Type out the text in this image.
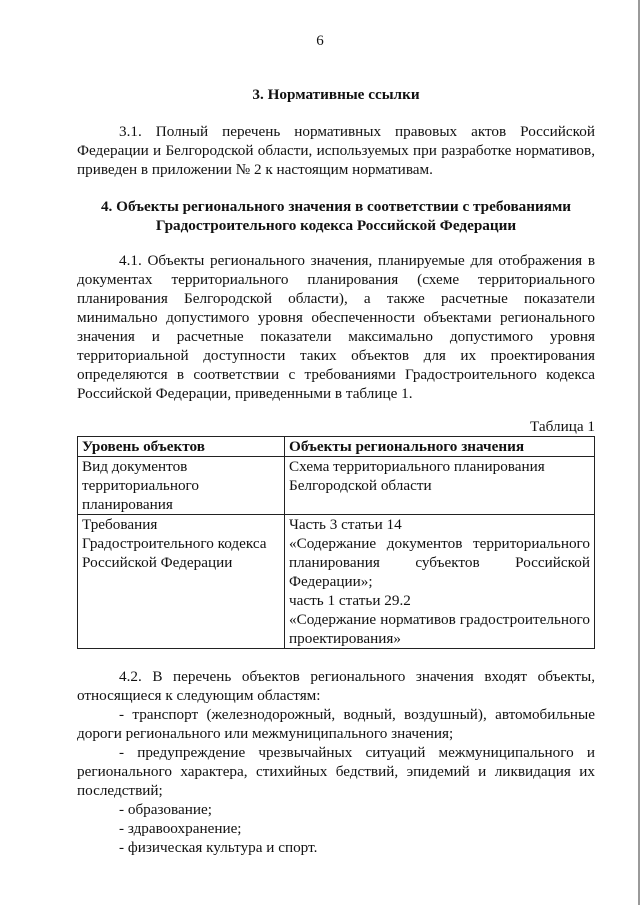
6

3. Нормативные ссылки

3.1. Полный перечень нормативных правовых актов Российской Федерации и Белгородской области, используемых при разработке нормативов, приведен в приложении № 2 к настоящим нормативам.

4. Объекты регионального значения в соответствии с требованиями Градостроительного кодекса Российской Федерации

4.1. Объекты регионального значения, планируемые для отображения в документах территориального планирования (схеме территориального планирования Белгородской области), а также расчетные показатели минимально допустимого уровня обеспеченности объектами регионального значения и расчетные показатели максимально допустимого уровня территориальной доступности таких объектов для их проектирования определяются в соответствии с требованиями Градостроительного кодекса Российской Федерации, приведенными в таблице 1.

Таблица 1

Уровень объектов	Объекты регионального значения
Вид документов территориального планирования	Схема территориального планирования Белгородской области
Требования Градостроительного кодекса Российской Федерации	Часть 3 статьи 14
«Содержание документов территориального планирования субъектов Российской Федерации»;
часть 1 статьи 29.2
«Содержание нормативов градостроительного проектирования»

4.2. В перечень объектов регионального значения входят объекты, относящиеся к следующим областям:

- транспорт (железнодорожный, водный, воздушный), автомобильные дороги регионального или межмуниципального значения;

- предупреждение чрезвычайных ситуаций межмуниципального и регионального характера, стихийных бедствий, эпидемий и ликвидация их последствий;

- образование;

- здравоохранение;

- физическая культура и спорт.
